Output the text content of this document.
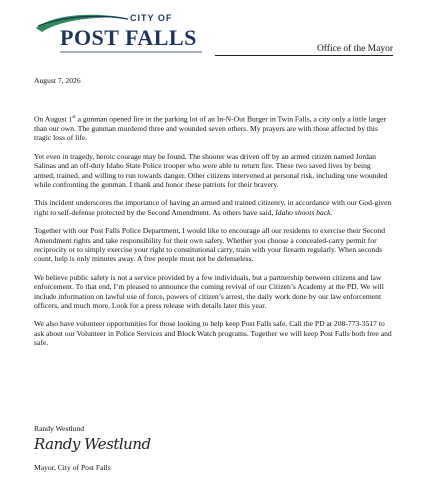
CITY OF
POST FALLS	Office of the Mayor
August 7, 2026

On August 1st a gunman opened fire in the parking lot of an In-N-Out Burger in Twin Falls, a city only a little larger than our own. The gunman murdered three and wounded seven others. My prayers are with those affected by this tragic loss of life.

Yet even in tragedy, heroic courage may be found. The shooter was driven off by an armed citizen named Jordan Salinas and an off-duty Idaho State Police trooper who were able to return fire. These two saved lives by being armed, trained, and willing to run towards danger. Other citizens intervened at personal risk, including one wounded while confronting the gunman. I thank and honor these patriots for their bravery.

This incident underscores the importance of having an armed and trained citizenry, in accordance with our God-given right to self-defense protected by the Second Amendment. As others have said, Idaho shoots back.

Together with our Post Falls Police Department, I would like to encourage all our residents to exercise their Second Amendment rights and take responsibility for their own safety. Whether you choose a concealed-carry permit for reciprocity or to simply exercise your right to constitutional carry, train with your firearm regularly. When seconds count, help is only minutes away. A free people must not be defenseless.

We believe public safety is not a service provided by a few individuals, but a partnership between citizens and law enforcement. To that end, I’m pleased to announce the coming revival of our Citizen’s Academy at the PD. We will include information on lawful use of force, powers of citizen’s arrest, the daily work done by our law enforcement officers, and much more. Look for a press release with details later this year.

We also have volunteer opportunities for those looking to help keep Post Falls safe. Call the PD at 208-773-3517 to ask about our Volunteer in Police Services and Block Watch programs. Together we will keep Post Falls both free and safe.

Randy Westlund
Randy Westlund
Mayor, City of Post Falls
